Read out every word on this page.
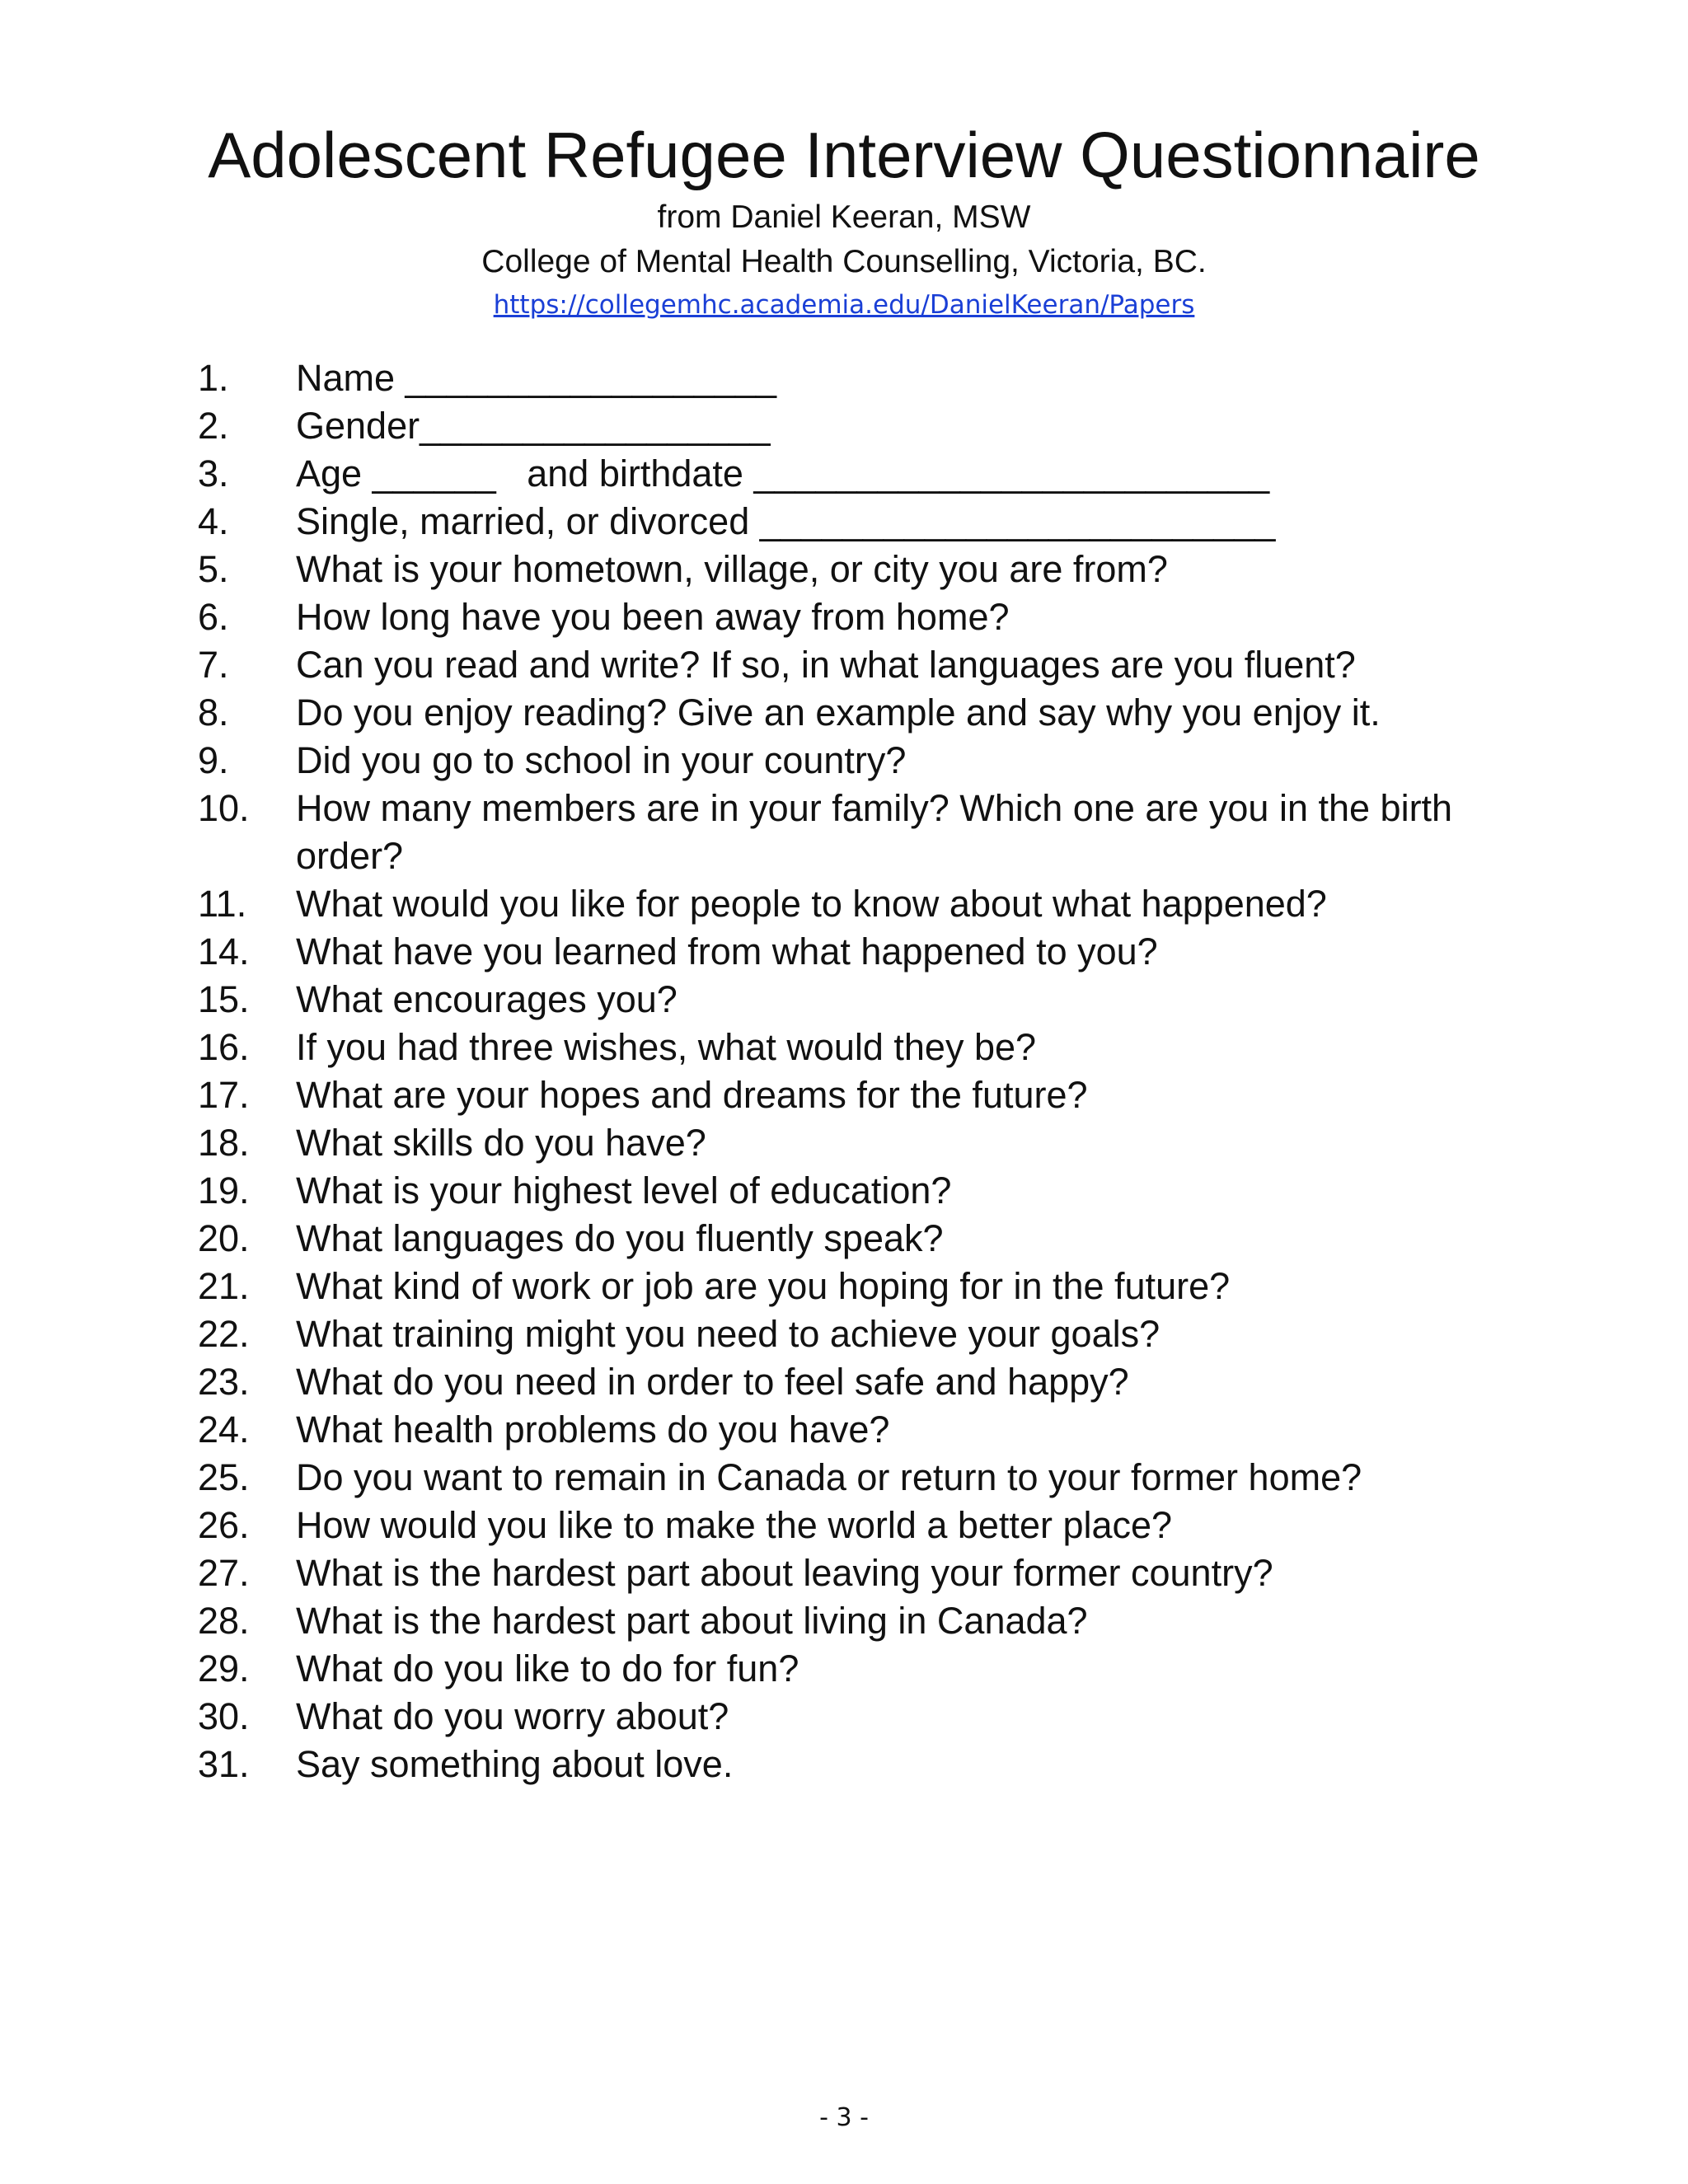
Adolescent Refugee Interview Questionnaire
from Daniel Keeran, MSW
College of Mental Health Counselling, Victoria, BC.
https://collegemhc.academia.edu/DanielKeeran/Papers
1. Name __________________
2. Gender_________________
3. Age ______   and birthdate _________________________
4. Single, married, or divorced _________________________
5. What is your hometown, village, or city you are from?
6. How long have you been away from home?
7. Can you read and write? If so, in what languages are you fluent?
8. Do you enjoy reading? Give an example and say why you enjoy it.
9. Did you go to school in your country?
10. How many members are in your family? Which one are you in the birth order?
11. What would you like for people to know about what happened?
14. What have you learned from what happened to you?
15. What encourages you?
16. If you had three wishes, what would they be?
17. What are your hopes and dreams for the future?
18. What skills do you have?
19. What is your highest level of education?
20. What languages do you fluently speak?
21. What kind of work or job are you hoping for in the future?
22. What training might you need to achieve your goals?
23. What do you need in order to feel safe and happy?
24. What health problems do you have?
25. Do you want to remain in Canada or return to your former home?
26. How would you like to make the world a better place?
27. What is the hardest part about leaving your former country?
28. What is the hardest part about living in Canada?
29. What do you like to do for fun?
30. What do you worry about?
31. Say something about love.
- 3 -
